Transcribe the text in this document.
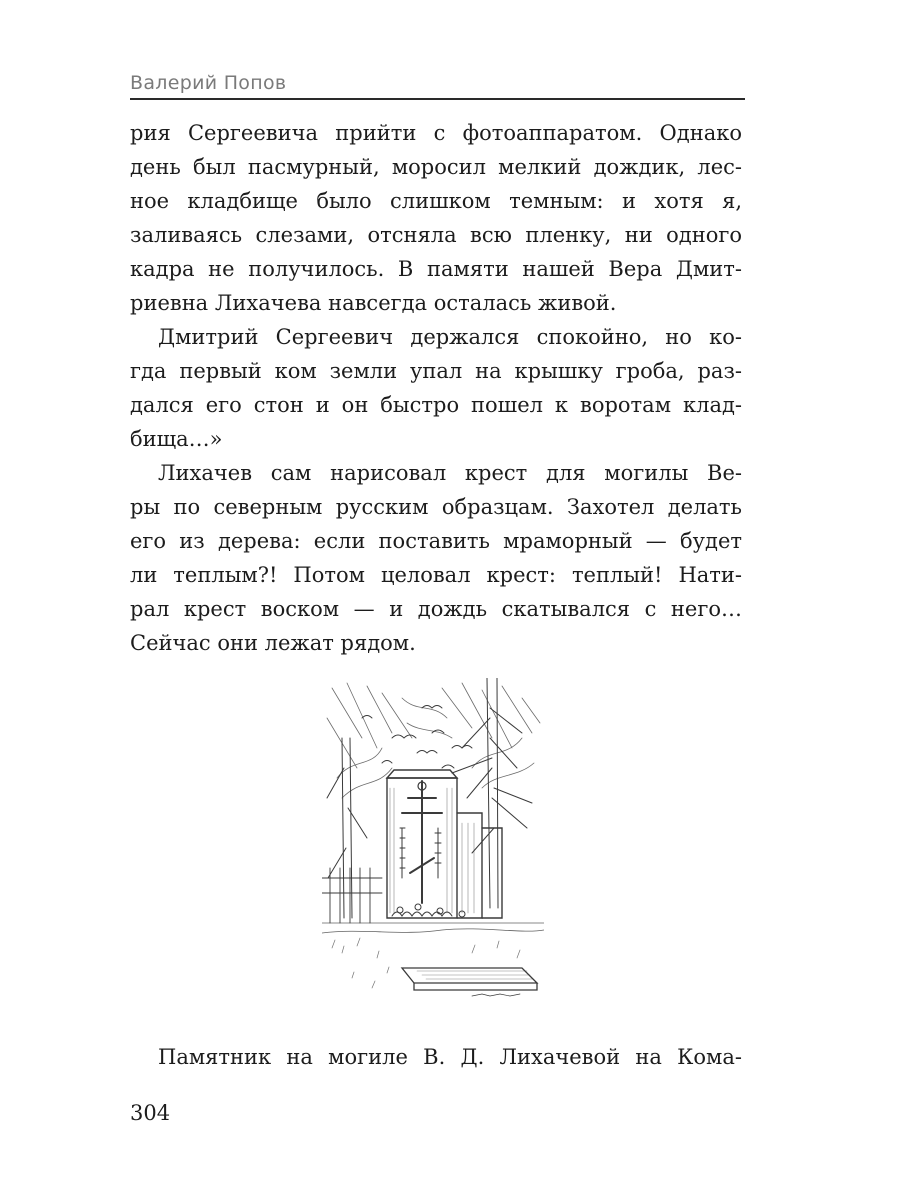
Валерий Попов
рия Сергеевича прийти с фотоаппаратом. Однако
день был пасмурный, моросил мелкий дождик, лес-
ное кладбище было слишком темным: и хотя я,
заливаясь слезами, отсняла всю пленку, ни одного
кадра не получилось. В памяти нашей Вера Дмит-
риевна Лихачева навсегда осталась живой.
Дмитрий Сергеевич держался спокойно, но ко-
гда первый ком земли упал на крышку гроба, раз-
дался его стон и он быстро пошел к воротам клад-
бища…»
Лихачев сам нарисовал крест для могилы Ве-
ры по северным русским образцам. Захотел делать
его из дерева: если поставить мраморный — будет
ли теплым?! Потом целовал крест: теплый! Нати-
рал крест воском — и дождь скатывался с него…
Сейчас они лежат рядом.
Памятник на могиле В. Д. Лихачевой на Кома-
304
